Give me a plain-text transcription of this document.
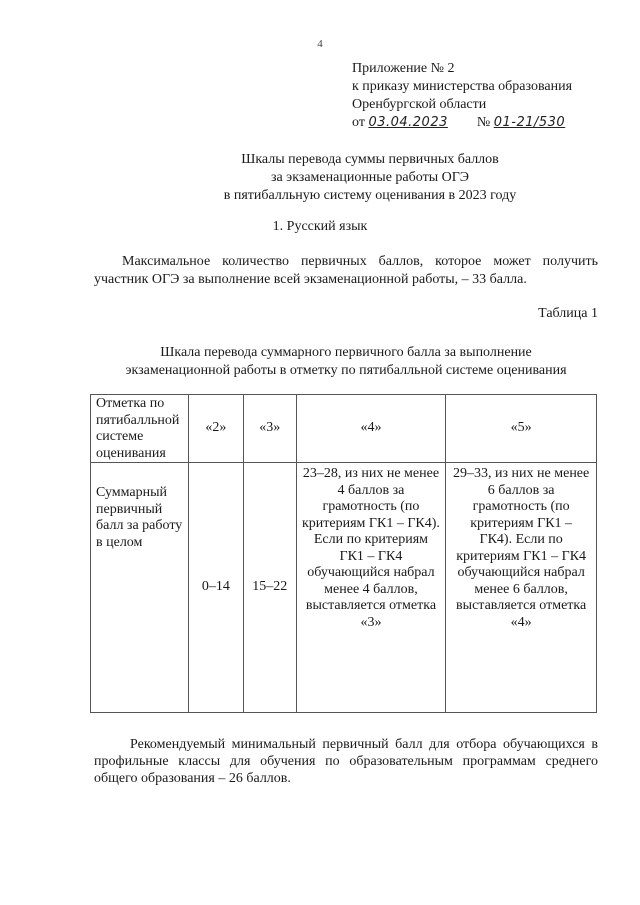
4
Приложение № 2
к приказу министерства образования
Оренбургской области
от 03.04.2023 № 01-21/530
Шкалы перевода суммы первичных баллов
за экзаменационные работы ОГЭ
в пятибалльную систему оценивания в 2023 году
1. Русский язык
Максимальное количество первичных баллов, которое может получить участник ОГЭ за выполнение всей экзаменационной работы, – 33 балла.
Таблица 1
Шкала перевода суммарного первичного балла за выполнение
экзаменационной работы в отметку по пятибалльной системе оценивания
Отметка по пятибалльной системе оценивания	«2»	«3»	«4»	«5»
Суммарный первичный балл за работу в целом	0–14	15–22	23–28, из них не менее 4 баллов за грамотность (по критериям ГК1 – ГК4). Если по критериям ГК1 – ГК4 обучающийся набрал менее 4 баллов, выставляется отметка «3»	29–33, из них не менее 6 баллов за грамотность (по критериям ГК1 – ГК4). Если по критериям ГК1 – ГК4 обучающийся набрал менее 6 баллов, выставляется отметка «4»
Рекомендуемый минимальный первичный балл для отбора обучающихся в профильные классы для обучения по образовательным программам среднего общего образования – 26 баллов.
